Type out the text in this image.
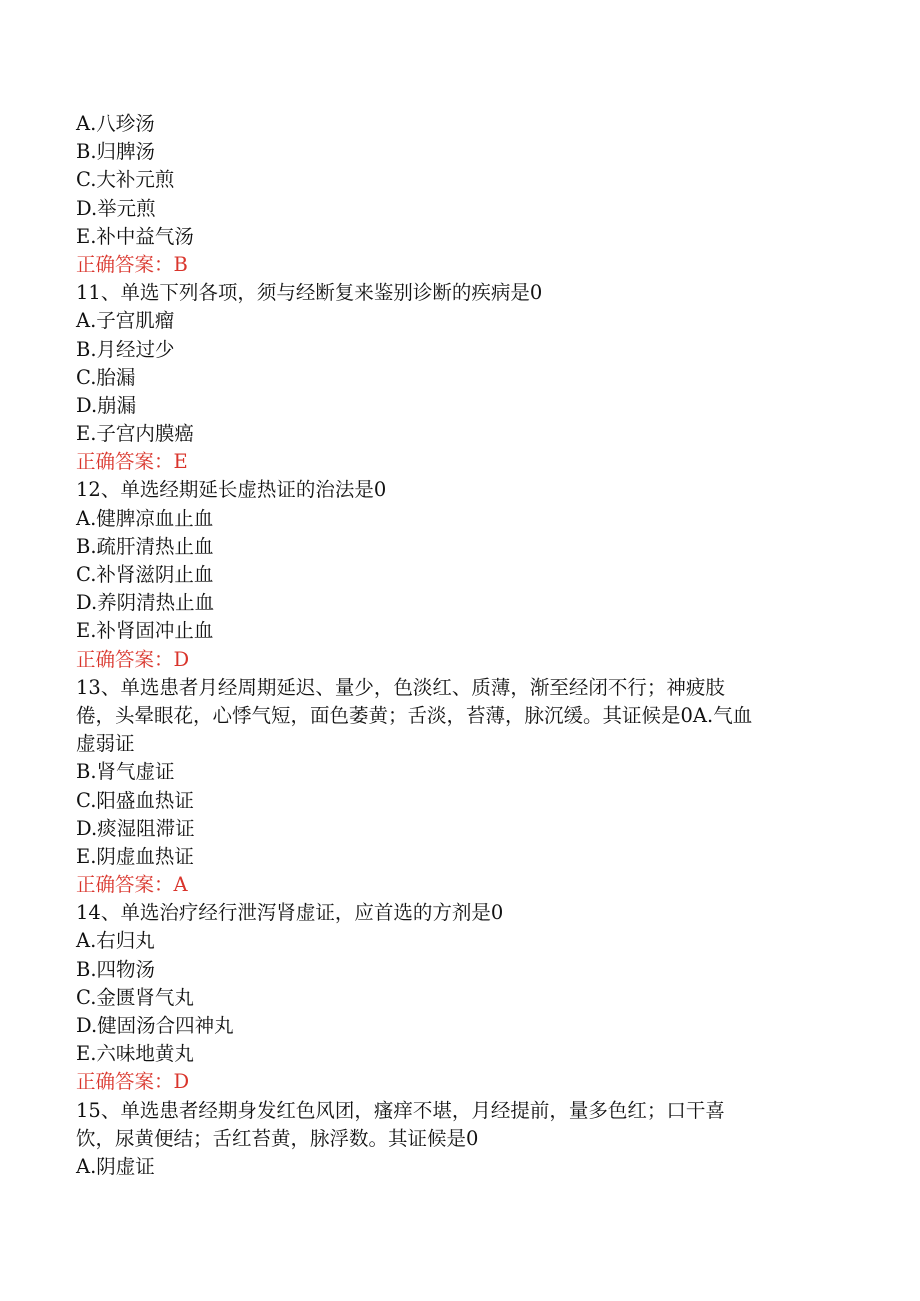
A.八珍汤
B.归脾汤
C.大补元煎
D.举元煎
E.补中益气汤
正确答案：B
11、单选下列各项，须与经断复来鉴别诊断的疾病是0
A.子宫肌瘤
B.月经过少
C.胎漏
D.崩漏
E.子宫内膜癌
正确答案：E
12、单选经期延长虚热证的治法是0
A.健脾凉血止血
B.疏肝清热止血
C.补肾滋阴止血
D.养阴清热止血
E.补肾固冲止血
正确答案：D
13、单选患者月经周期延迟、量少，色淡红、质薄，渐至经闭不行；神疲肢
倦，头晕眼花，心悸气短，面色萎黄；舌淡，苔薄，脉沉缓。其证候是0A.气血
虚弱证
B.肾气虚证
C.阳盛血热证
D.痰湿阻滞证
E.阴虚血热证
正确答案：A
14、单选治疗经行泄泻肾虚证，应首选的方剂是0
A.右归丸
B.四物汤
C.金匮肾气丸
D.健固汤合四神丸
E.六味地黄丸
正确答案：D
15、单选患者经期身发红色风团，瘙痒不堪，月经提前，量多色红；口干喜
饮，尿黄便结；舌红苔黄，脉浮数。其证候是0
A.阴虚证
